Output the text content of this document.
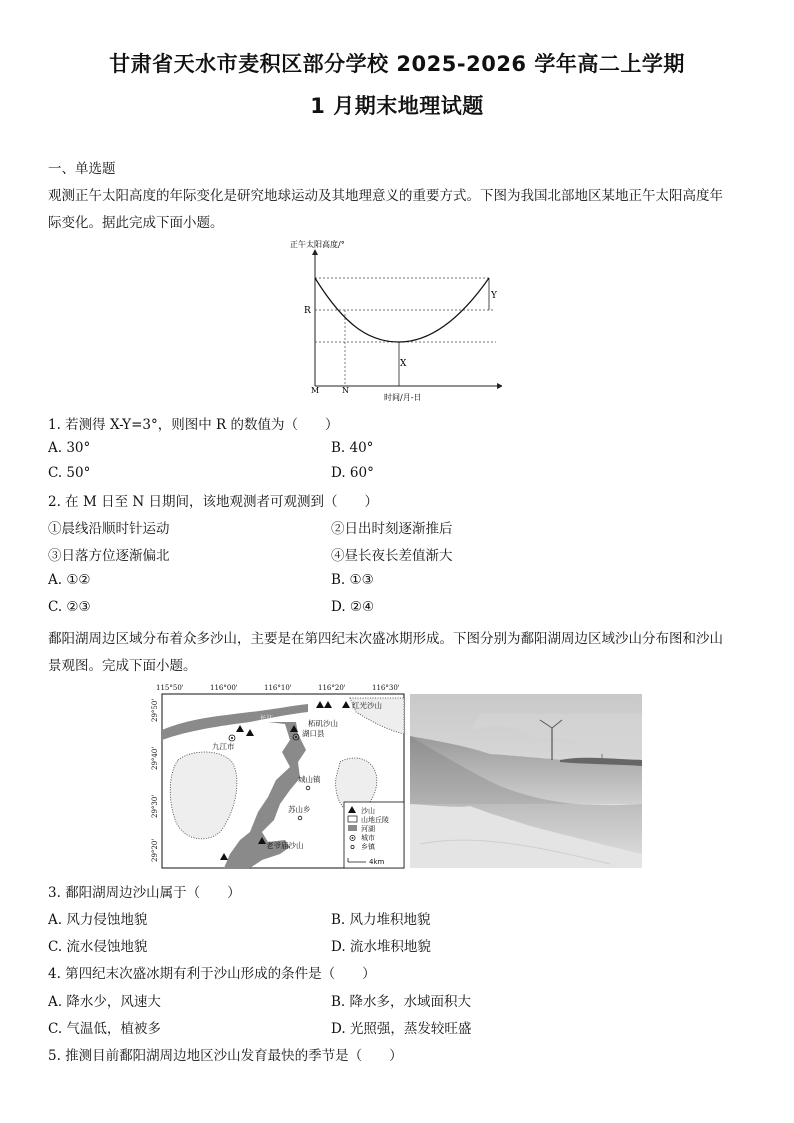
甘肃省天水市麦积区部分学校 2025-2026 学年高二上学期
1 月期末地理试题
一、单选题
观测正午太阳高度的年际变化是研究地球运动及其地理意义的重要方式。下图为我国北部地区某地正午太阳高度年
际变化。据此完成下面小题。
正午太阳高度/°
R
Y
X
M	N
时间/月-日
1. 若测得 X-Y=3°，则图中 R 的数值为（　　）
A. 30°	B. 40°
C. 50°	D. 60°
2. 在 M 日至 N 日期间，该地观测者可观测到（　　）
①晨线沿顺时针运动	②日出时刻逐渐推后
③日落方位逐渐偏北	④昼长夜长差值渐大
A. ①②	B. ①③
C. ②③	D. ②④
鄱阳湖周边区域分布着众多沙山，主要是在第四纪末次盛冰期形成。下图分别为鄱阳湖周边区域沙山分布图和沙山
景观图。完成下面小题。
115°50'	116°00'	116°10'	116°20'	116°30'
29°50'
29°40'
29°30'
29°20'
红光沙山
柘矶沙山
湖口县
九江市
长江
城山镇
苏山乡
老爷庙沙山
沙山
山地丘陵
河湖
城市
乡镇
4km
3. 鄱阳湖周边沙山属于（　　）
A. 风力侵蚀地貌	B. 风力堆积地貌
C. 流水侵蚀地貌	D. 流水堆积地貌
4. 第四纪末次盛冰期有利于沙山形成的条件是（　　）
A. 降水少，风速大	B. 降水多，水域面积大
C. 气温低，植被多	D. 光照强，蒸发较旺盛
5. 推测目前鄱阳湖周边地区沙山发育最快的季节是（　　）
